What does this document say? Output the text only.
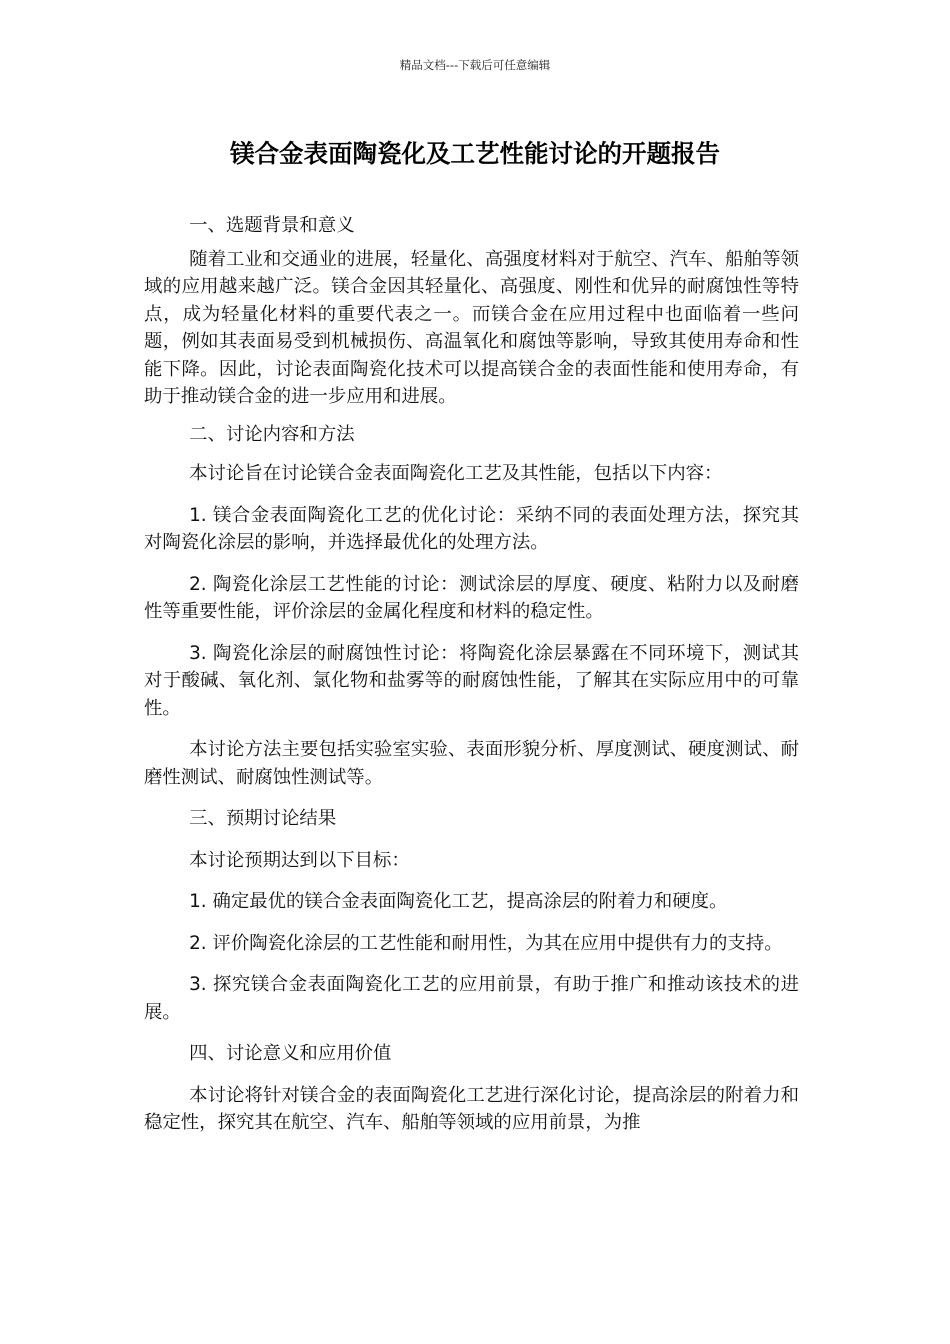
精品文档---下载后可任意编辑
镁合金表面陶瓷化及工艺性能讨论的开题报告

一、选题背景和意义

随着工业和交通业的进展，轻量化、高强度材料对于航空、汽车、船舶等领域的应用越来越广泛。镁合金因其轻量化、高强度、刚性和优异的耐腐蚀性等特点，成为轻量化材料的重要代表之一。而镁合金在应用过程中也面临着一些问题，例如其表面易受到机械损伤、高温氧化和腐蚀等影响，导致其使用寿命和性能下降。因此，讨论表面陶瓷化技术可以提高镁合金的表面性能和使用寿命，有助于推动镁合金的进一步应用和进展。

二、讨论内容和方法

本讨论旨在讨论镁合金表面陶瓷化工艺及其性能，包括以下内容：

1. 镁合金表面陶瓷化工艺的优化讨论：采纳不同的表面处理方法，探究其对陶瓷化涂层的影响，并选择最优化的处理方法。

2. 陶瓷化涂层工艺性能的讨论：测试涂层的厚度、硬度、粘附力以及耐磨性等重要性能，评价涂层的金属化程度和材料的稳定性。

3. 陶瓷化涂层的耐腐蚀性讨论：将陶瓷化涂层暴露在不同环境下，测试其对于酸碱、氧化剂、氯化物和盐雾等的耐腐蚀性能，了解其在实际应用中的可靠性。

本讨论方法主要包括实验室实验、表面形貌分析、厚度测试、硬度测试、耐磨性测试、耐腐蚀性测试等。

三、预期讨论结果

本讨论预期达到以下目标：

1. 确定最优的镁合金表面陶瓷化工艺，提高涂层的附着力和硬度。

2. 评价陶瓷化涂层的工艺性能和耐用性，为其在应用中提供有力的支持。

3. 探究镁合金表面陶瓷化工艺的应用前景，有助于推广和推动该技术的进展。

四、讨论意义和应用价值

本讨论将针对镁合金的表面陶瓷化工艺进行深化讨论，提高涂层的附着力和稳定性，探究其在航空、汽车、船舶等领域的应用前景，为推
